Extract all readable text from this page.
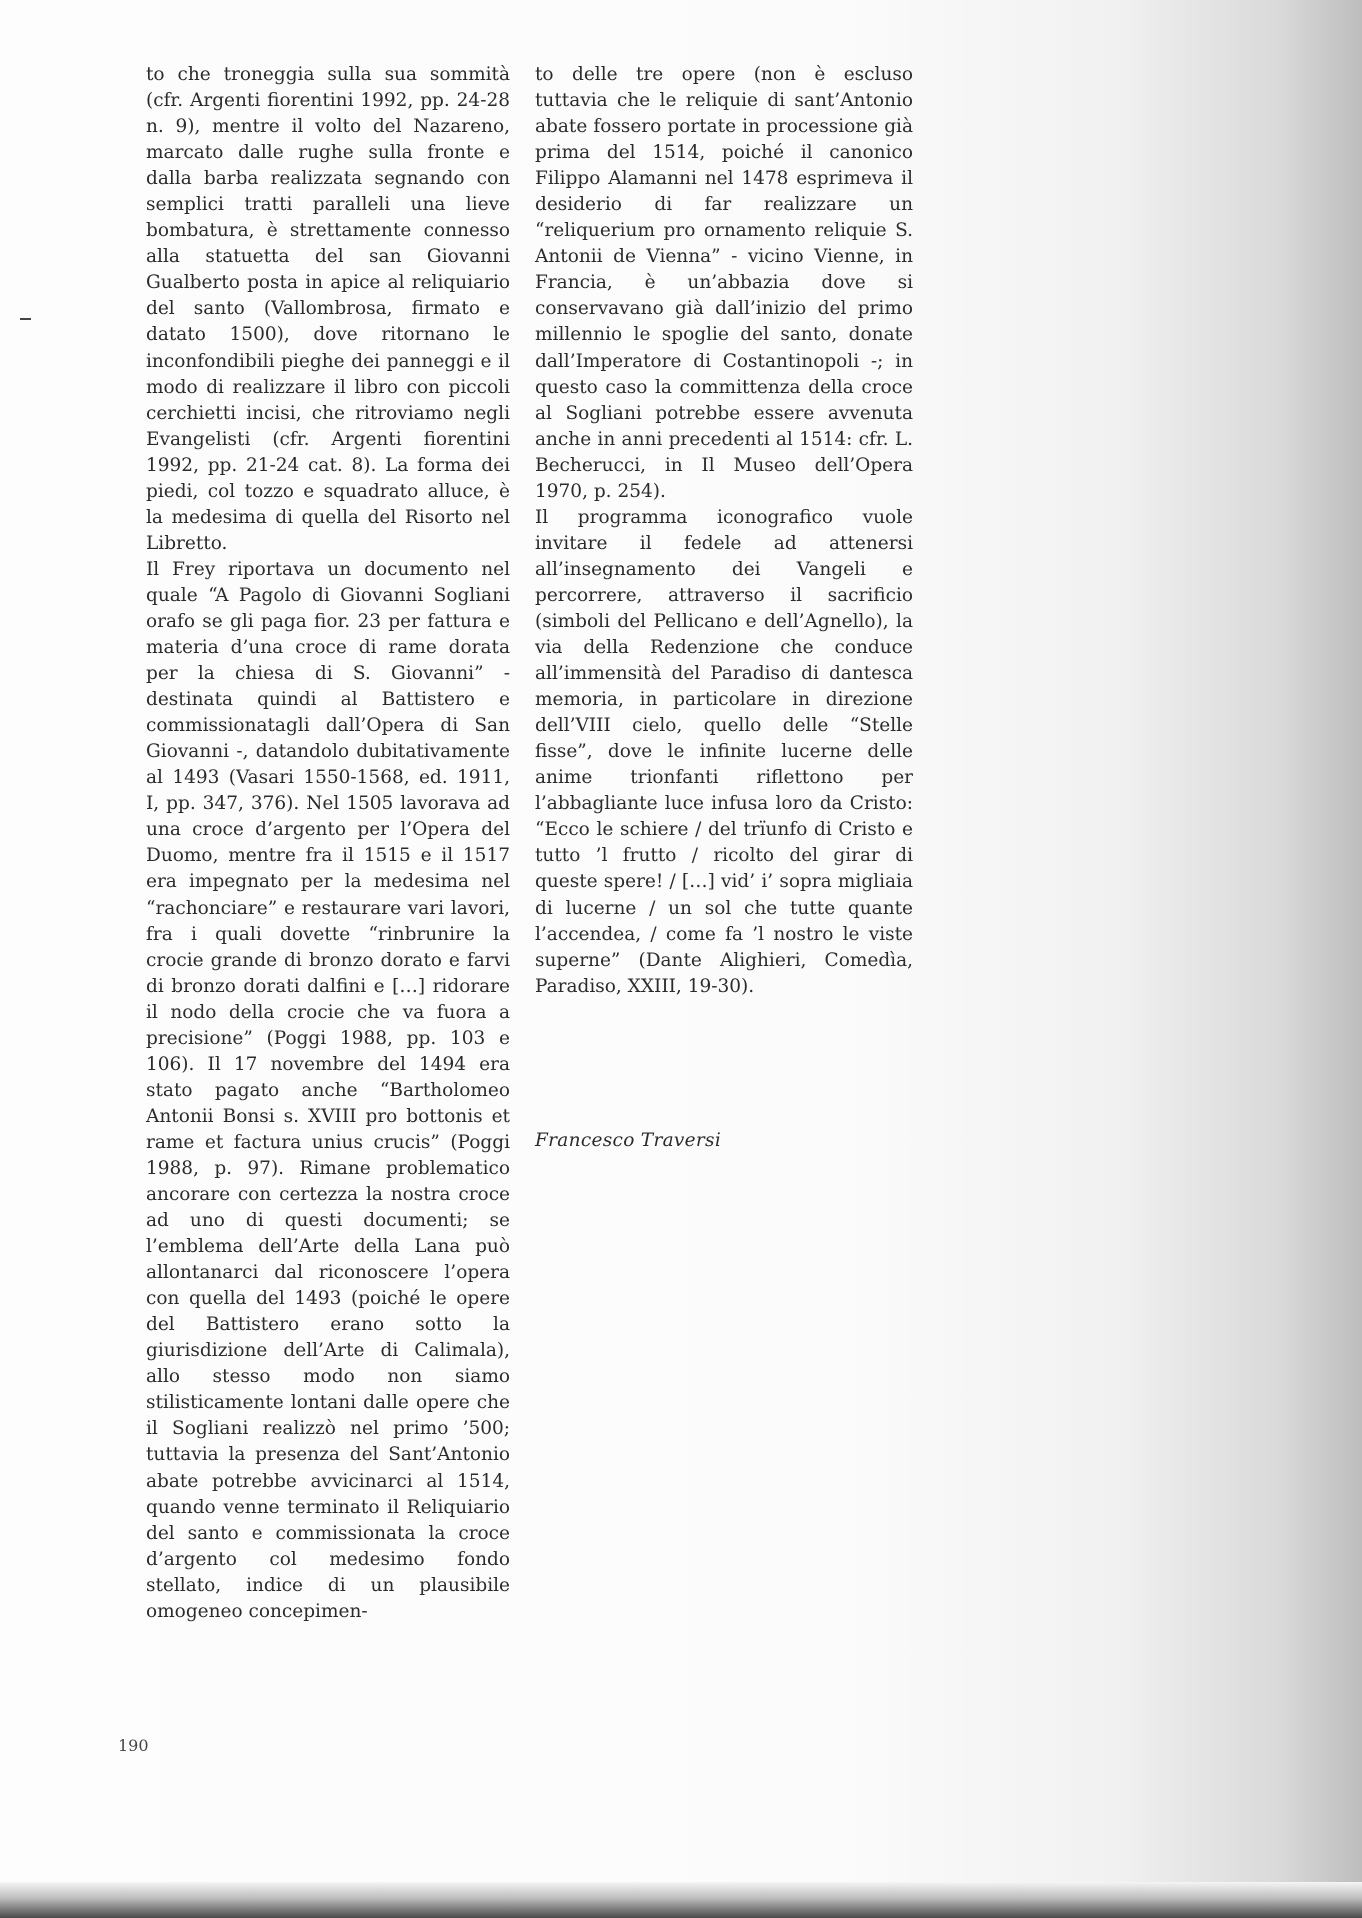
to che troneggia sulla sua sommità (cfr. Argenti fiorentini 1992, pp. 24-28 n. 9), mentre il volto del Nazareno, marcato dalle rughe sulla fronte e dalla barba realizzata segnando con semplici tratti paralleli una lieve bombatura, è strettamente connesso alla statuetta del san Giovanni Gualberto posta in apice al reliquiario del santo (Vallombrosa, firmato e datato 1500), dove ritornano le inconfondibili pieghe dei panneggi e il modo di realizzare il libro con piccoli cerchietti incisi, che ritroviamo negli Evangelisti (cfr. Argenti fiorentini 1992, pp. 21-24 cat. 8). La forma dei piedi, col tozzo e squadrato alluce, è la medesima di quella del Risorto nel Libretto.

Il Frey riportava un documento nel quale “A Pagolo di Giovanni Sogliani orafo se gli paga fior. 23 per fattura e materia d’una croce di rame dorata per la chiesa di S. Giovanni” - destinata quindi al Battistero e commissionatagli dall’Opera di San Giovanni -, datandolo dubitativamente al 1493 (Vasari 1550-1568, ed. 1911, I, pp. 347, 376). Nel 1505 lavorava ad una croce d’argento per l’Opera del Duomo, mentre fra il 1515 e il 1517 era impegnato per la medesima nel “rachonciare” e restaurare vari lavori, fra i quali dovette “rinbrunire la crocie grande di bronzo dorato e farvi di bronzo dorati dalfini e […] ridorare il nodo della crocie che va fuora a precisione” (Poggi 1988, pp. 103 e 106). Il 17 novembre del 1494 era stato pagato anche “Bartholomeo Antonii Bonsi s. XVIII pro bottonis et rame et factura unius crucis” (Poggi 1988, p. 97). Rimane problematico ancorare con certezza la nostra croce ad uno di questi documenti; se l’emblema dell’Arte della Lana può allontanarci dal riconoscere l’opera con quella del 1493 (poiché le opere del Battistero erano sotto la giurisdizione dell’Arte di Calimala), allo stesso modo non siamo stilisticamente lontani dalle opere che il Sogliani realizzò nel primo ’500; tuttavia la presenza del Sant’Antonio abate potrebbe avvicinarci al 1514, quando venne terminato il Reliquiario del santo e commissionata la croce d’argento col medesimo fondo stellato, indice di un plausibile omogeneo concepimen-

to delle tre opere (non è escluso tuttavia che le reliquie di sant’Antonio abate fossero portate in processione già prima del 1514, poiché il canonico Filippo Alamanni nel 1478 esprimeva il desiderio di far realizzare un “reliquerium pro ornamento reliquie S. Antonii de Vienna” - vicino Vienne, in Francia, è un’abbazia dove si conservavano già dall’inizio del primo millennio le spoglie del santo, donate dall’Imperatore di Costantinopoli -; in questo caso la committenza della croce al Sogliani potrebbe essere avvenuta anche in anni precedenti al 1514: cfr. L. Becherucci, in Il Museo dell’Opera 1970, p. 254).

Il programma iconografico vuole invitare il fedele ad attenersi all’insegnamento dei Vangeli e percorrere, attraverso il sacrificio (simboli del Pellicano e dell’Agnello), la via della Redenzione che conduce all’immensità del Paradiso di dantesca memoria, in particolare in direzione dell’VIII cielo, quello delle “Stelle fisse”, dove le infinite lucerne delle anime trionfanti riflettono per l’abbagliante luce infusa loro da Cristo: “Ecco le schiere / del trïunfo di Cristo e tutto ’l frutto / ricolto del girar di queste spere! / […] vid’ i’ sopra migliaia di lucerne / un sol che tutte quante l’accendea, / come fa ’l nostro le viste superne” (Dante Alighieri, Comedìa, Paradiso, XXIII, 19-30).

Francesco Traversi
190
